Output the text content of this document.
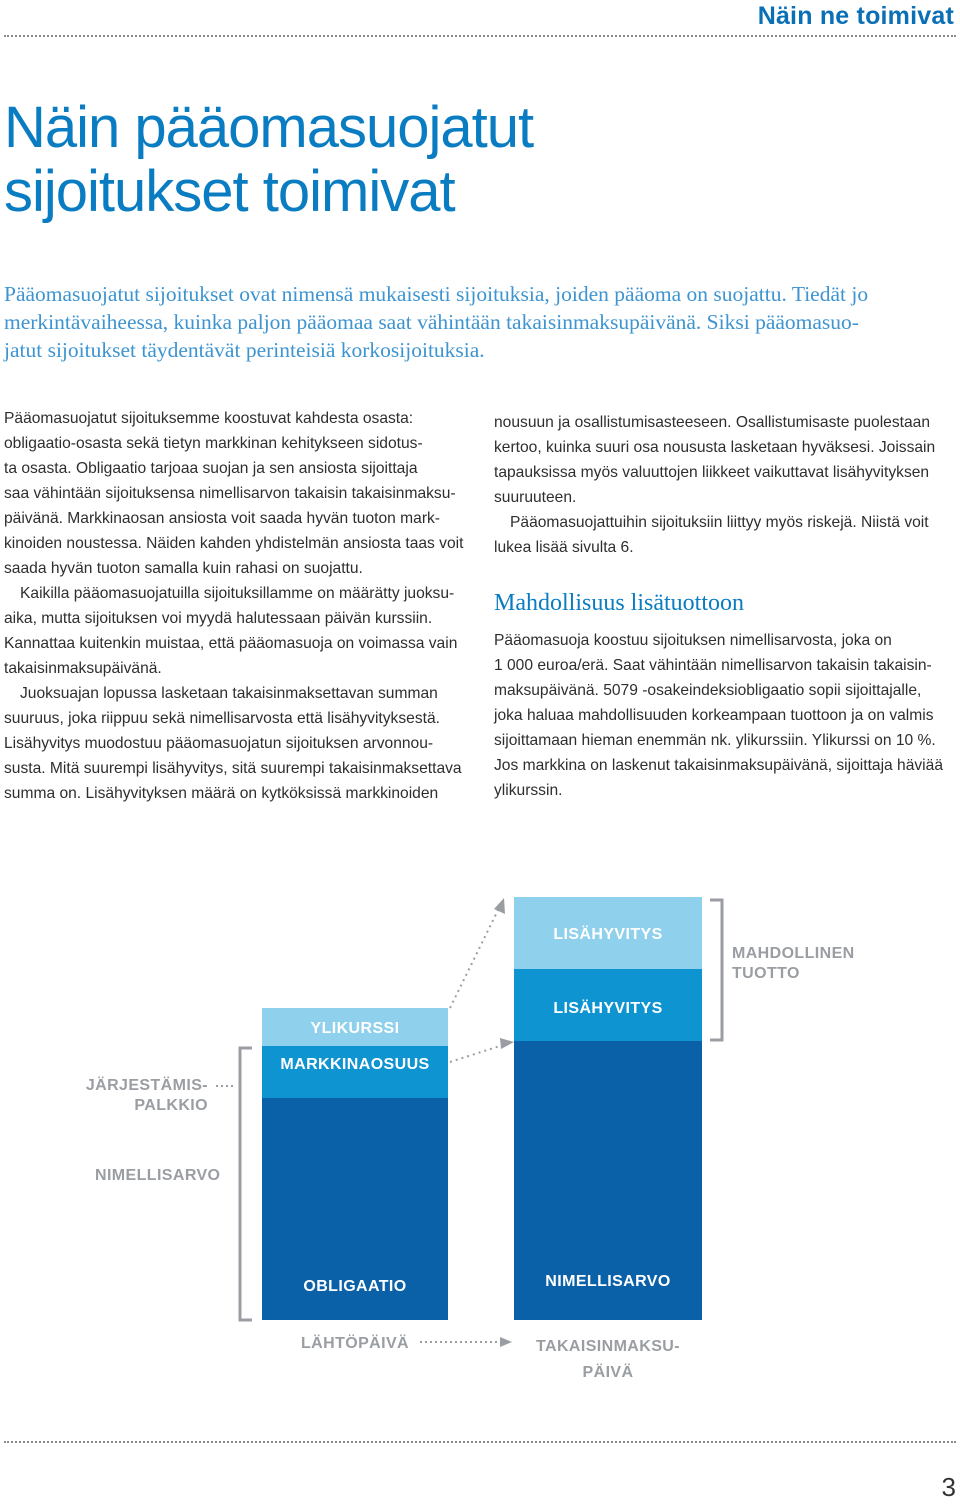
Näin ne toimivat
Näin pääomasuojatut
sijoitukset toimivat
Pääomasuojatut sijoitukset ovat nimensä mukaisesti sijoituksia, joiden pääoma on suojattu. Tiedät jo
merkintävaiheessa, kuinka paljon pääomaa saat vähintään takaisinmaksupäivänä. Siksi pääomasuo-
jatut sijoitukset täydentävät perinteisiä korkosijoituksia.
Pääomasuojatut sijoituksemme koostuvat kahdesta osasta:
obligaatio-osasta sekä tietyn markkinan kehitykseen sidotus-
ta osasta. Obligaatio tarjoaa suojan ja sen ansiosta sijoittaja
saa vähintään sijoituksensa nimellisarvon takaisin takaisinmaksu-
päivänä. Markkinaosan ansiosta voit saada hyvän tuoton mark-
kinoiden noustessa. Näiden kahden yhdistelmän ansiosta taas voit
saada hyvän tuoton samalla kuin rahasi on suojattu.
Kaikilla pääomasuojatuilla sijoituksillamme on määrätty juoksu-
aika, mutta sijoituksen voi myydä halutessaan päivän kurssiin.
Kannattaa kuitenkin muistaa, että pääomasuoja on voimassa vain
takaisinmaksupäivänä.
Juoksuajan lopussa lasketaan takaisinmaksettavan summan
suuruus, joka riippuu sekä nimellisarvosta että lisähyvityksestä.
Lisähyvitys muodostuu pääomasuojatun sijoituksen arvonnou-
susta. Mitä suurempi lisähyvitys, sitä suurempi takaisinmaksettava
summa on. Lisähyvityksen määrä on kytköksissä markkinoiden
nousuun ja osallistumisasteeseen. Osallistumisaste puolestaan
kertoo, kuinka suuri osa noususta lasketaan hyväksesi. Joissain
tapauksissa myös valuuttojen liikkeet vaikuttavat lisähyvityksen
suuruuteen.
Pääomasuojattuihin sijoituksiin liittyy myös riskejä. Niistä voit
lukea lisää sivulta 6.
Mahdollisuus lisätuottoon
Pääomasuoja koostuu sijoituksen nimellisarvosta, joka on
1 000 euroa/erä. Saat vähintään nimellisarvon takaisin takaisin-
maksupäivänä. 5079 -osakeindeksiobligaatio sopii sijoittajalle,
joka haluaa mahdollisuuden korkeampaan tuottoon ja on valmis
sijoittamaan hieman enemmän nk. ylikurssiin. Ylikurssi on 10 %.
Jos markkina on laskenut takaisinmaksupäivänä, sijoittaja häviää
ylikurssin.
YLIKURSSI
MARKKINAOSUUS
OBLIGAATIO
LISÄHYVITYS
LISÄHYVITYS
NIMELLISARVO
JÄRJESTÄMIS-
PALKKIO
NIMELLISARVO
MAHDOLLINEN
TUOTTO
LÄHTÖPÄIVÄ	TAKAISINMAKSU-
PÄIVÄ
3
